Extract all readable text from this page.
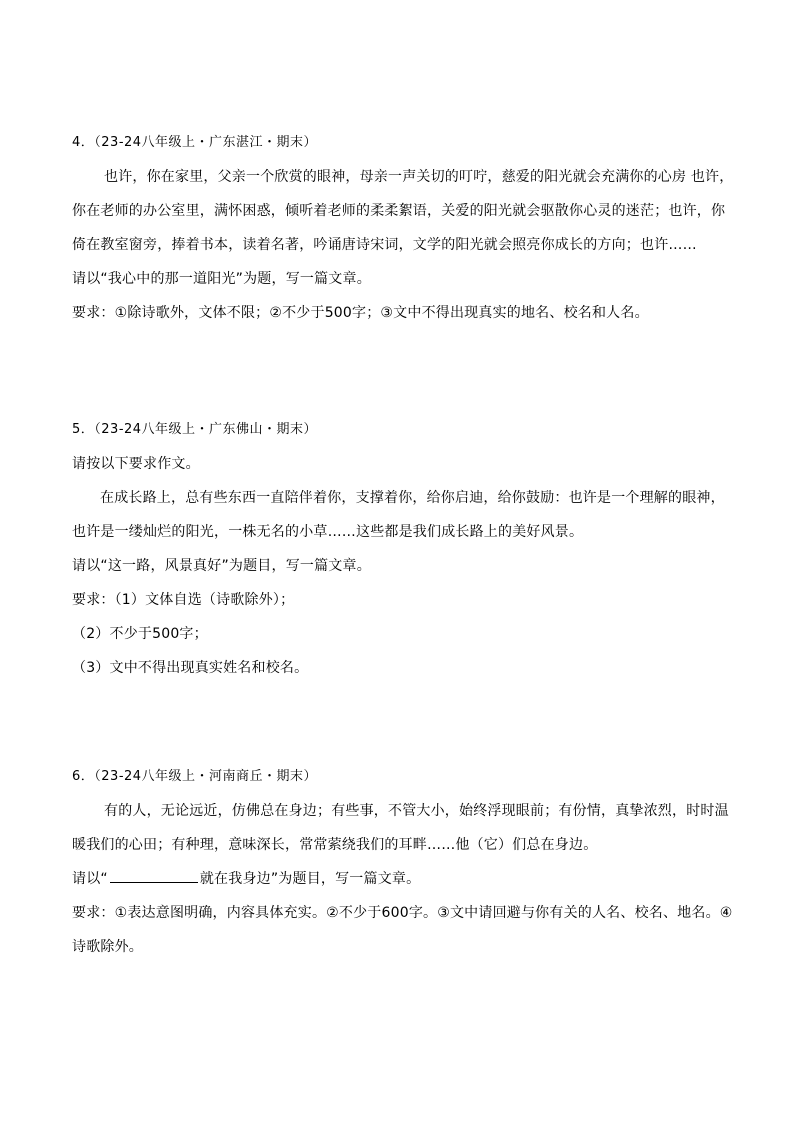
4．（23-24八年级上・广东湛江・期末）
也许，你在家里，父亲一个欣赏的眼神，母亲一声关切的叮咛，慈爱的阳光就会充满你的心房 也许，
你在老师的办公室里，满怀困惑，倾听着老师的柔柔絮语，关爱的阳光就会驱散你心灵的迷茫；也许，你
倚在教室窗旁，捧着书本，读着名著，吟诵唐诗宋词，文学的阳光就会照亮你成长的方向；也许……
请以“我心中的那一道阳光”为题，写一篇文章。
要求：①除诗歌外，文体不限；②不少于500字；③文中不得出现真实的地名、校名和人名。
5．（23-24八年级上・广东佛山・期末）
请按以下要求作文。
在成长路上，总有些东西一直陪伴着你，支撑着你，给你启迪，给你鼓励：也许是一个理解的眼神，
也许是一缕灿烂的阳光，一株无名的小草……这些都是我们成长路上的美好风景。
请以“这一路，风景真好”为题目，写一篇文章。
要求：（1）文体自选（诗歌除外）；
（2）不少于500字；
（3）文中不得出现真实姓名和校名。
6．（23-24八年级上・河南商丘・期末）
有的人，无论远近，仿佛总在身边；有些事，不管大小，始终浮现眼前；有份情，真挚浓烈，时时温
暖我们的心田；有种理，意味深长，常常萦绕我们的耳畔……他（它）们总在身边。
请以“	就在我身边”为题目，写一篇文章。
要求：①表达意图明确，内容具体充实。②不少于600字。③文中请回避与你有关的人名、校名、地名。④
诗歌除外。
